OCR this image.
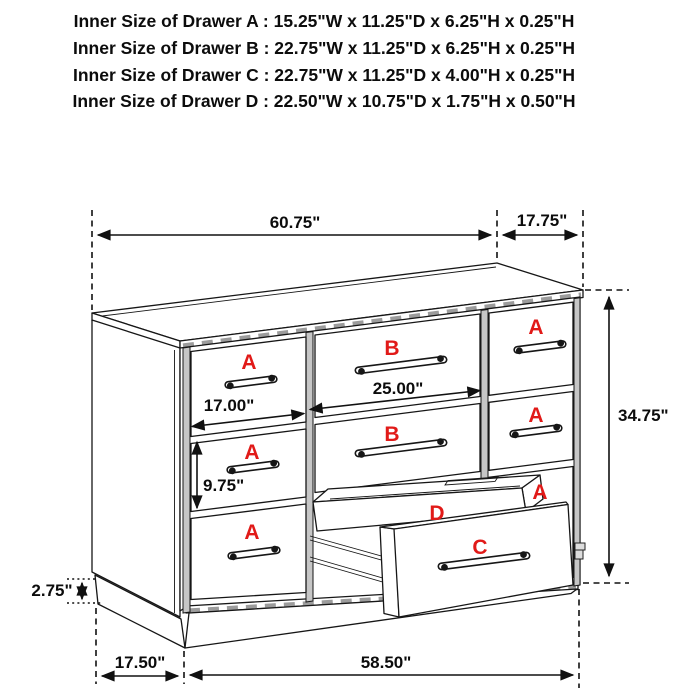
Inner Size of Drawer A : 15.25"W x 11.25"D x 6.25"H x 0.25"H
Inner Size of Drawer B : 22.75"W x 11.25"D x 6.25"H x 0.25"H
Inner Size of Drawer C : 22.75"W x 11.25"D x 4.00"H x 0.25"H
Inner Size of Drawer D : 22.50"W x 10.75"D x 1.75"H x 0.50"H
A
A
A
B
B
A
A
A
D
C
60.75"	17.75"
34.75"
25.00"
17.00"
9.75"
2.75"
17.50"	58.50"
